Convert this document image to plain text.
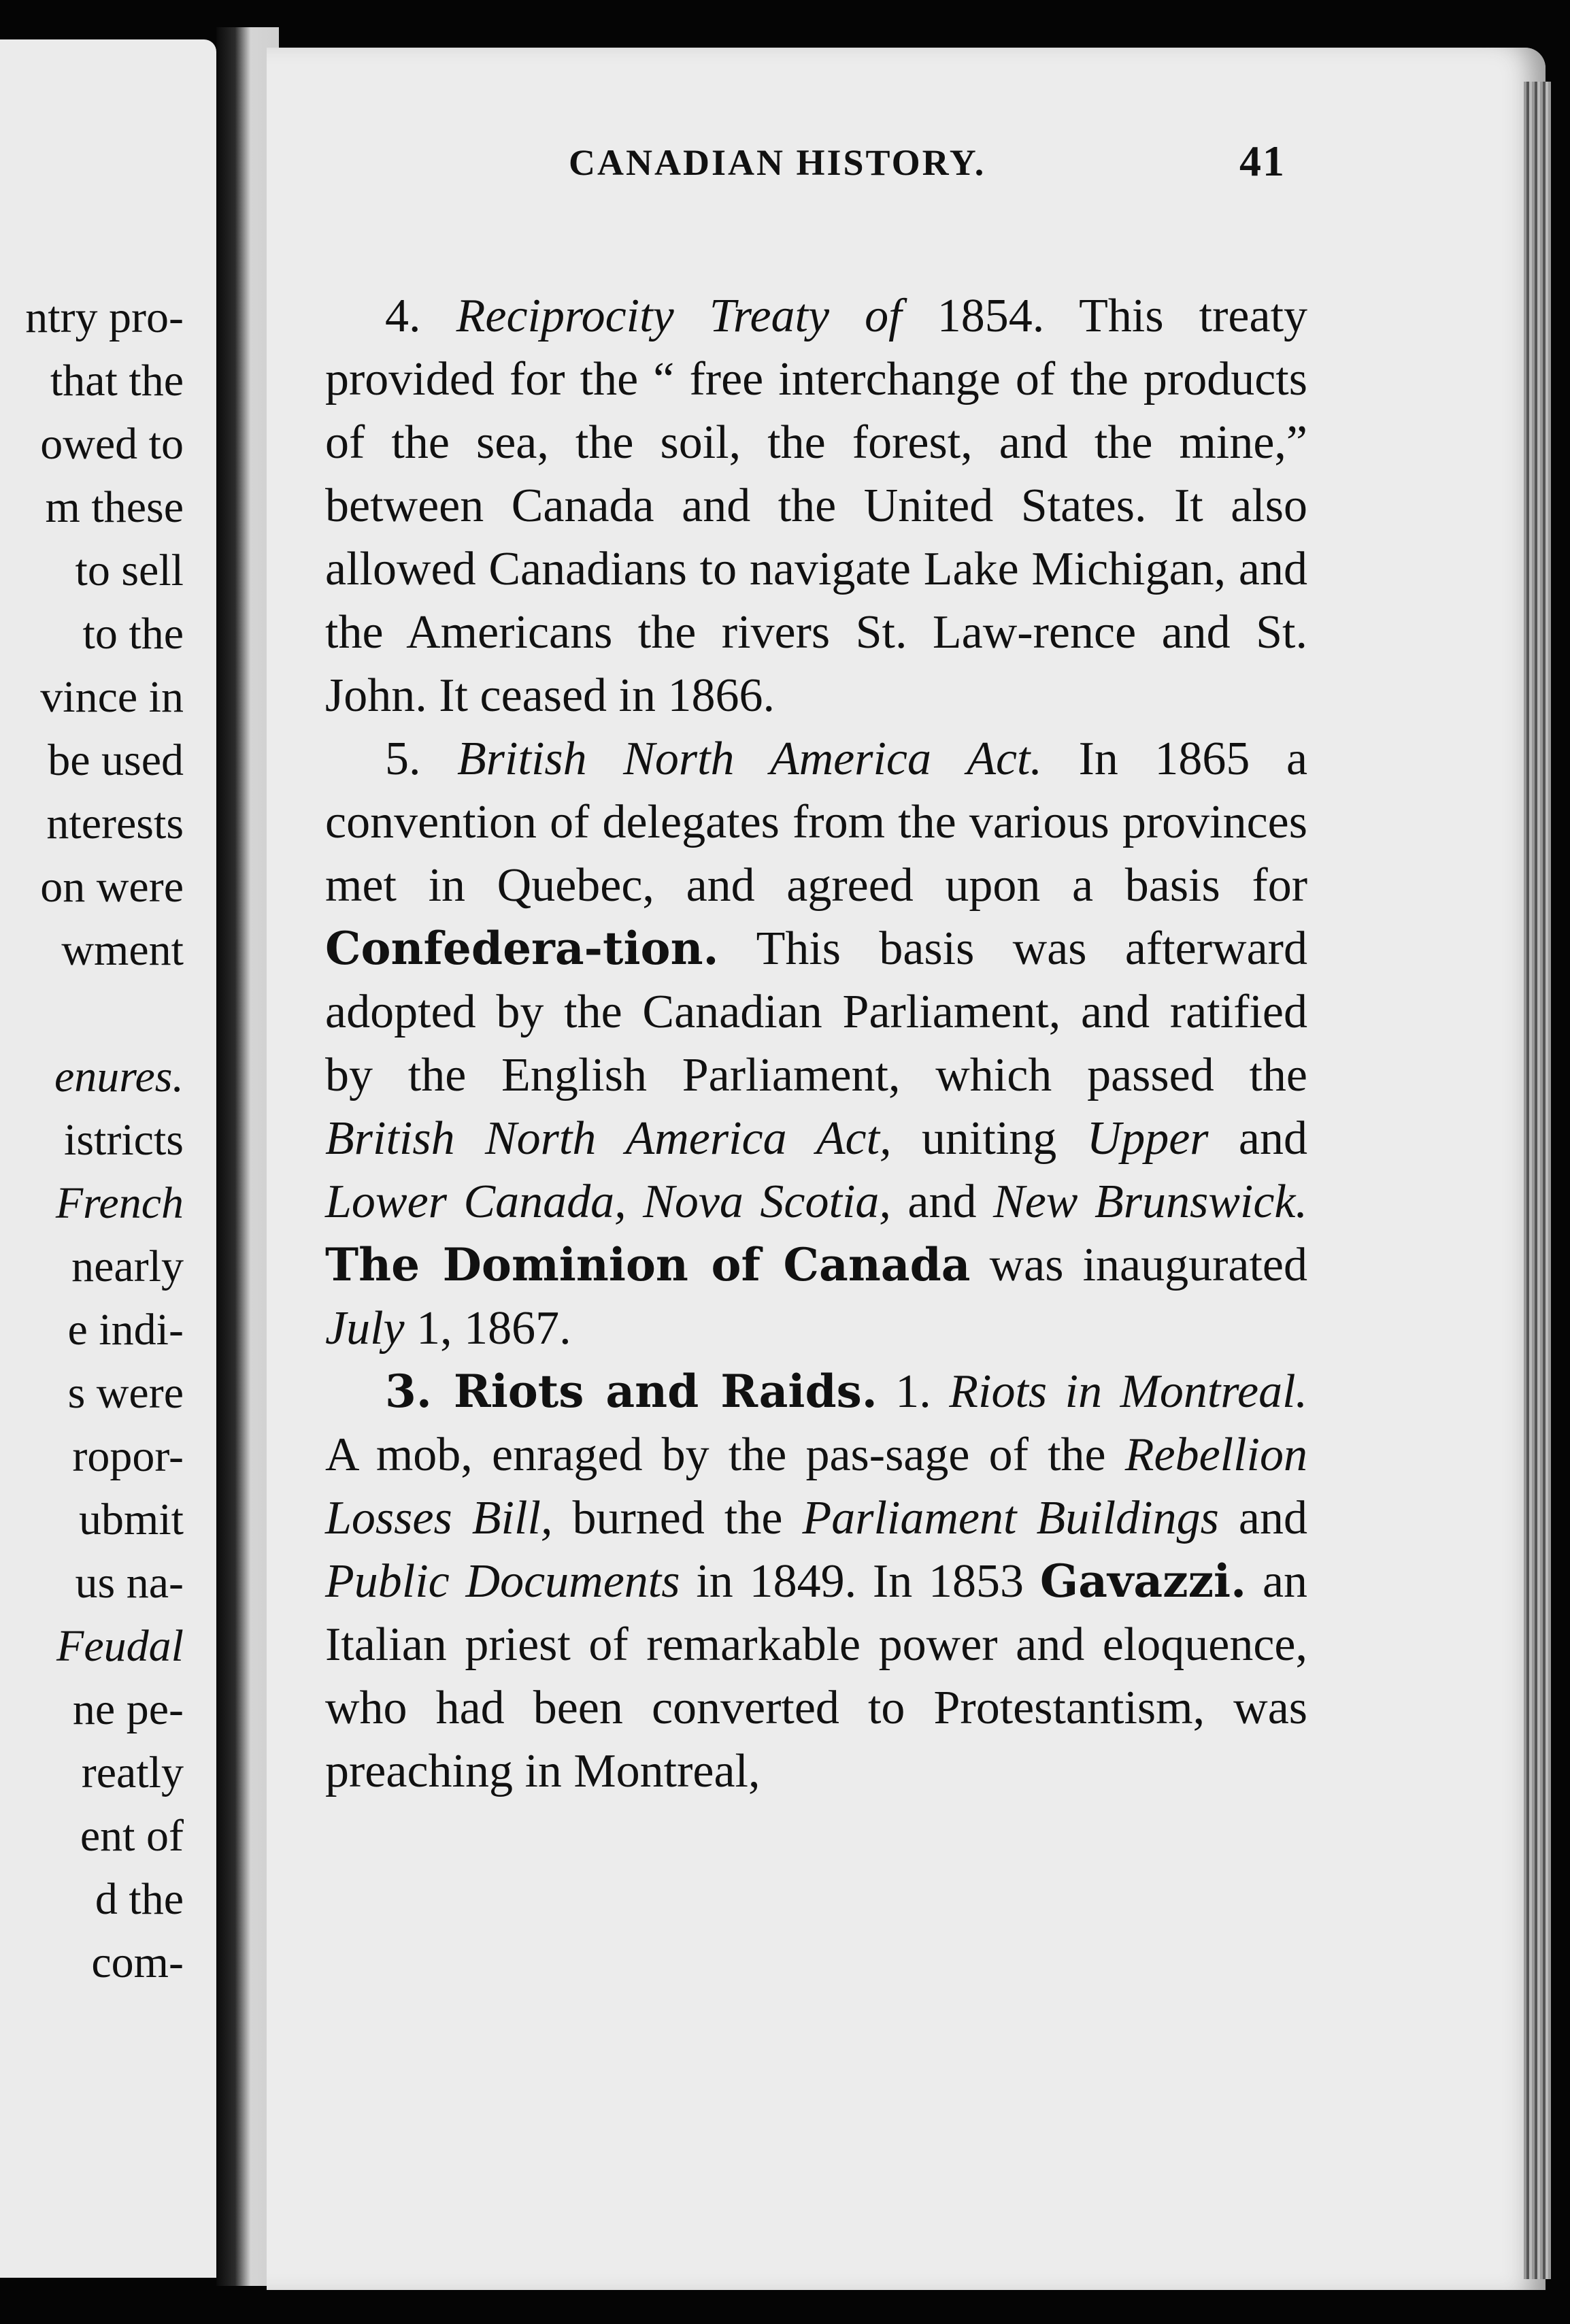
ntry pro-
that the
owed to
m these
to sell
to the
vince in
be used
nterests
on were
wment
enures.
istricts
French
nearly
e indi-
s were
ropor-
ubmit
us na-
Feudal
ne pe-
reatly
ent of
d the
com-
CANADIAN HISTORY.	41

4. Reciprocity Treaty of 1854. This treaty provided for the “ free interchange of the products of the sea, the soil, the forest, and the mine,” between Canada and the United States. It also allowed Canadians to navigate Lake Michigan, and the Americans the rivers St. Law-rence and St. John. It ceased in 1866.

5. British North America Act. In 1865 a convention of delegates from the various provinces met in Quebec, and agreed upon a basis for Confedera-tion. This basis was afterward adopted by the Canadian Parliament, and ratified by the English Parliament, which passed the British North America Act, uniting Upper and Lower Canada, Nova Scotia, and New Brunswick. The Dominion of Canada was inaugurated July 1, 1867.

3. Riots and Raids. 1. Riots in Montreal. A mob, enraged by the pas-sage of the Rebellion Losses Bill, burned the Parliament Buildings and Public Documents in 1849. In 1853 Gavazzi. an Italian priest of remarkable power and eloquence, who had been converted to Protestantism, was preaching in Montreal,
